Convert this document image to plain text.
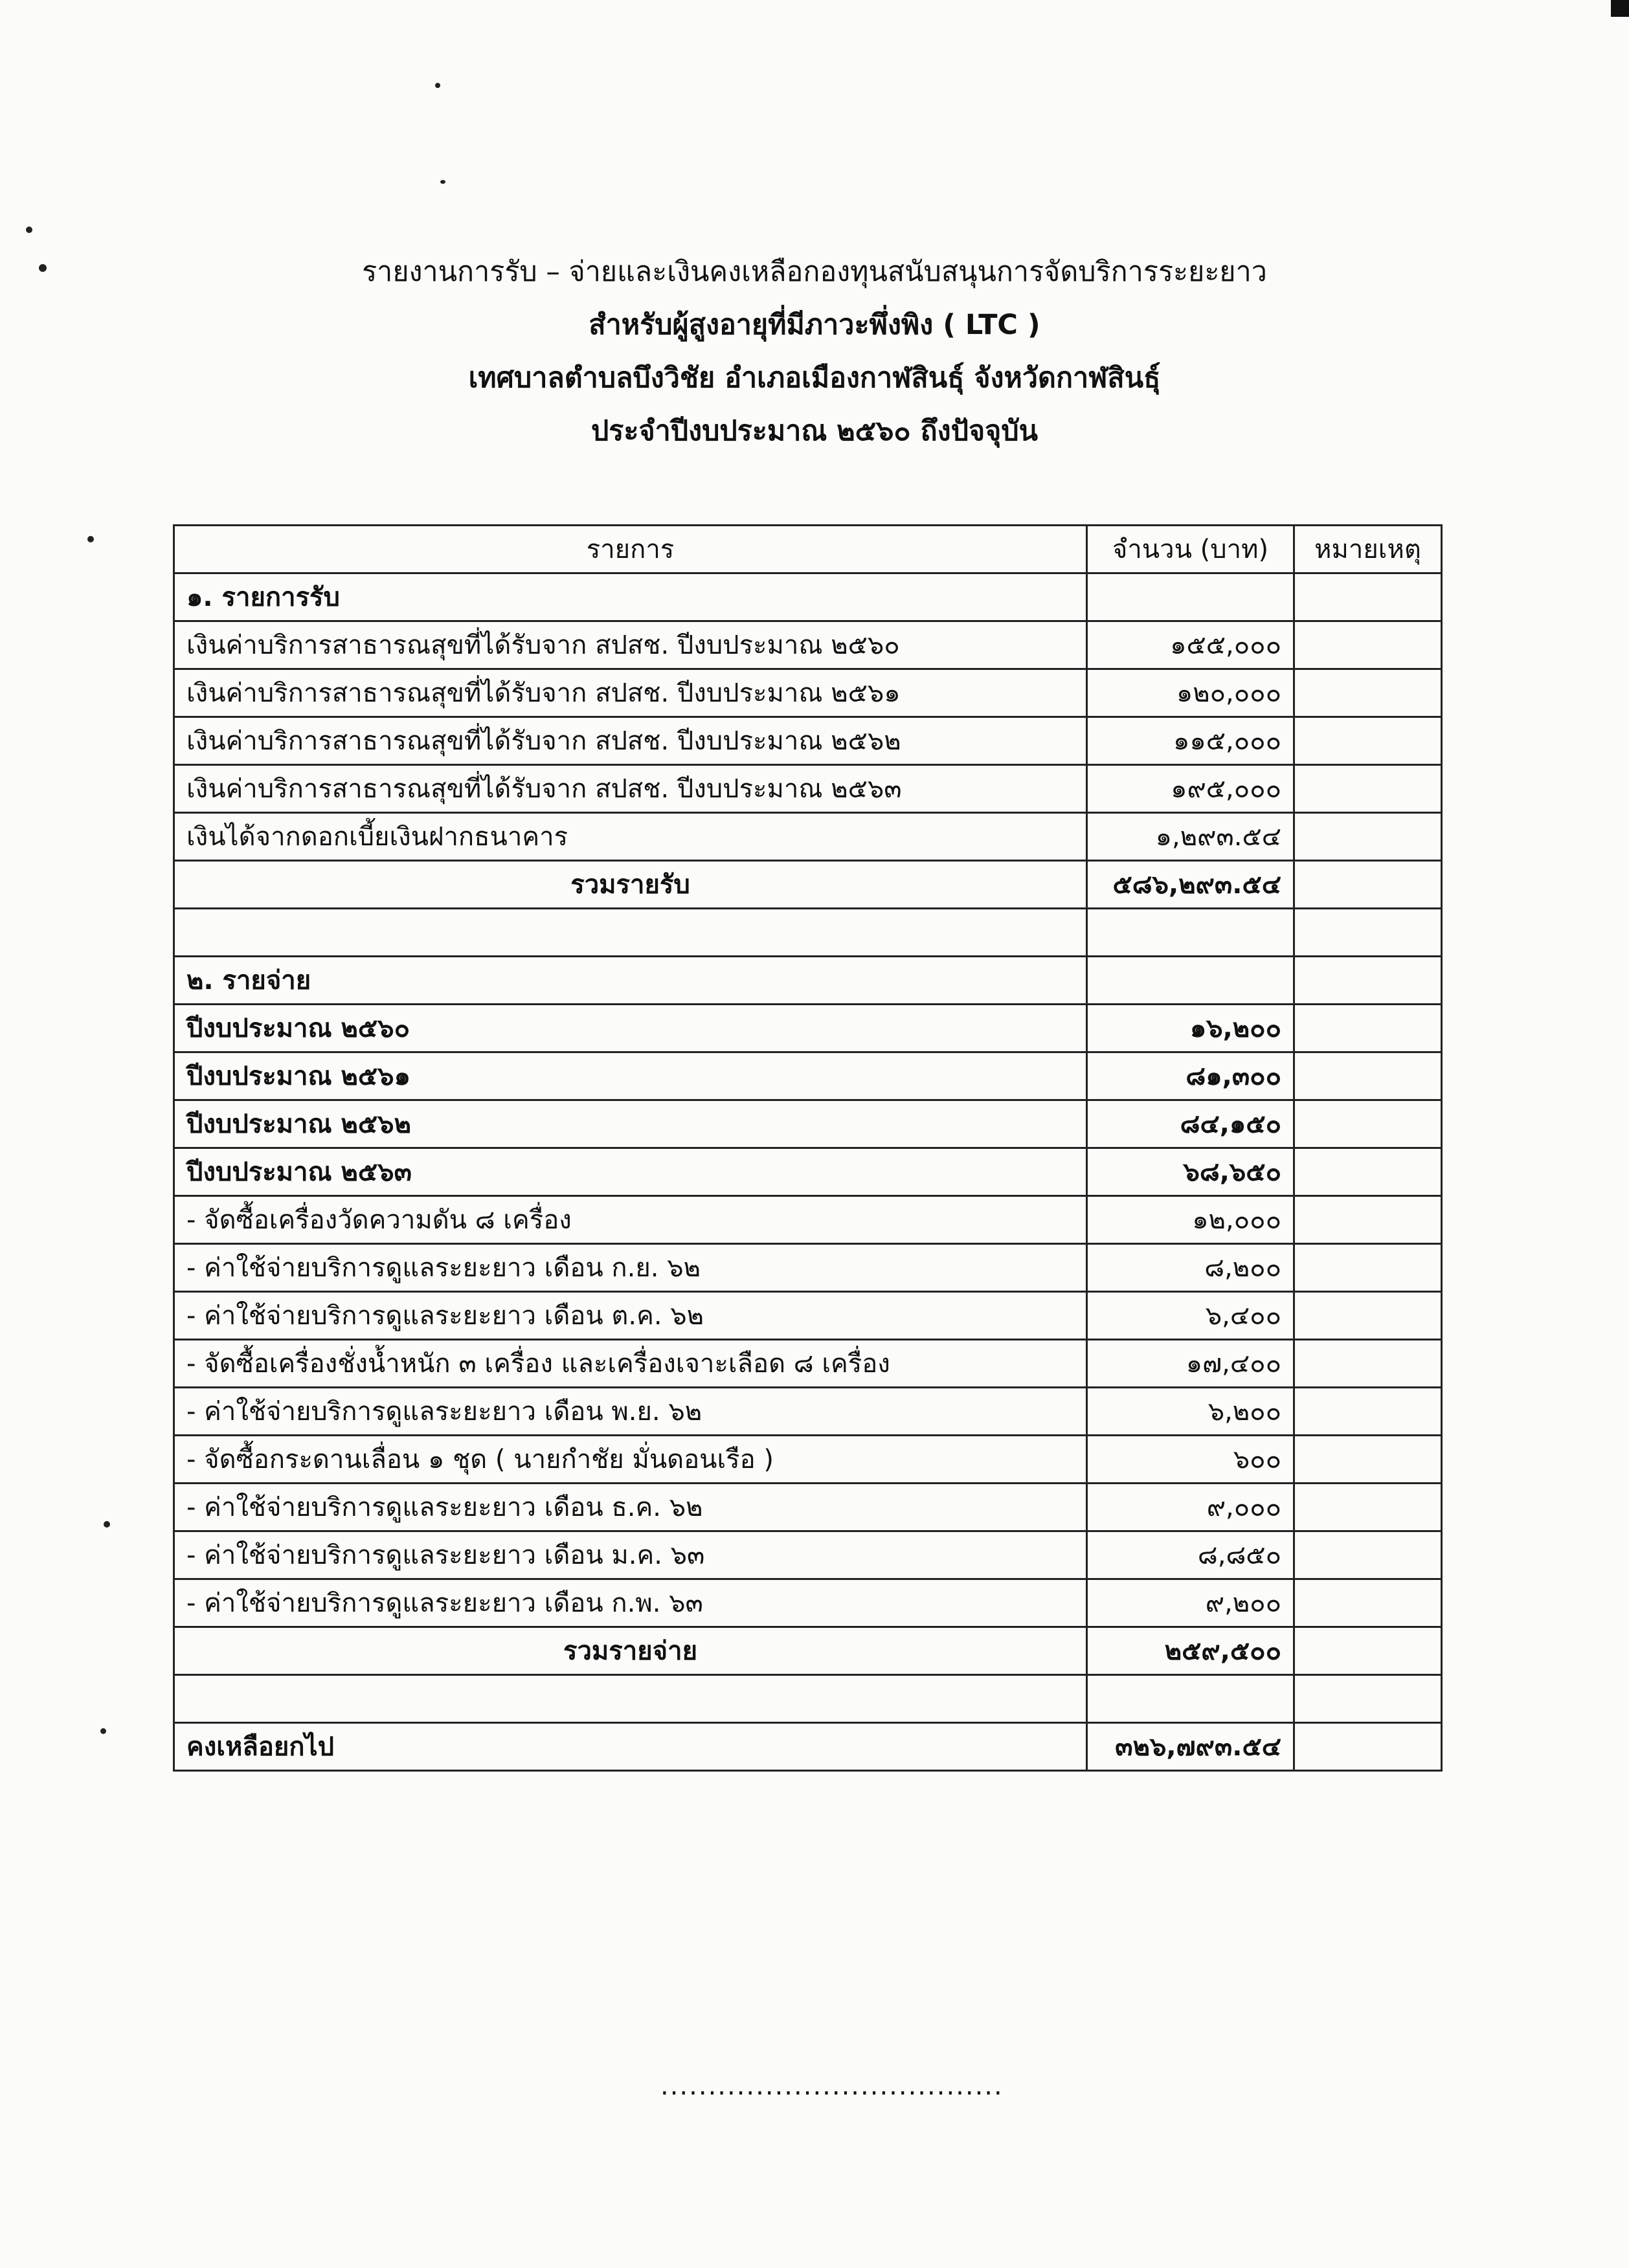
รายงานการรับ – จ่ายและเงินคงเหลือกองทุนสนับสนุนการจัดบริการระยะยาว
สำหรับผู้สูงอายุที่มีภาวะพึ่งพิง ( LTC )
เทศบาลตำบลบึงวิชัย อำเภอเมืองกาฬสินธุ์ จังหวัดกาฬสินธุ์
ประจำปีงบประมาณ ๒๕๖๐ ถึงปัจจุบัน
รายการ	จำนวน (บาท)	หมายเหตุ
๑. รายการรับ		
เงินค่าบริการสาธารณสุขที่ได้รับจาก สปสช. ปีงบประมาณ ๒๕๖๐	๑๕๕,๐๐๐	
เงินค่าบริการสาธารณสุขที่ได้รับจาก สปสช. ปีงบประมาณ ๒๕๖๑	๑๒๐,๐๐๐	
เงินค่าบริการสาธารณสุขที่ได้รับจาก สปสช. ปีงบประมาณ ๒๕๖๒	๑๑๕,๐๐๐	
เงินค่าบริการสาธารณสุขที่ได้รับจาก สปสช. ปีงบประมาณ ๒๕๖๓	๑๙๕,๐๐๐	
เงินได้จากดอกเบี้ยเงินฝากธนาคาร	๑,๒๙๓.๕๔	
รวมรายรับ	๕๘๖,๒๙๓.๕๔	

๒. รายจ่าย		
ปีงบประมาณ ๒๕๖๐	๑๖,๒๐๐	
ปีงบประมาณ ๒๕๖๑	๘๑,๓๐๐	
ปีงบประมาณ ๒๕๖๒	๘๔,๑๕๐	
ปีงบประมาณ ๒๕๖๓	๖๘,๖๕๐	
- จัดซื้อเครื่องวัดความดัน ๘ เครื่อง	๑๒,๐๐๐	
- ค่าใช้จ่ายบริการดูแลระยะยาว เดือน ก.ย. ๖๒	๘,๒๐๐	
- ค่าใช้จ่ายบริการดูแลระยะยาว เดือน ต.ค. ๖๒	๖,๔๐๐	
- จัดซื้อเครื่องชั่งน้ำหนัก ๓ เครื่อง และเครื่องเจาะเลือด ๘ เครื่อง	๑๗,๔๐๐	
- ค่าใช้จ่ายบริการดูแลระยะยาว เดือน พ.ย. ๖๒	๖,๒๐๐	
- จัดซื้อกระดานเลื่อน ๑ ชุด ( นายกำชัย มั่นดอนเรือ )	๖๐๐	
- ค่าใช้จ่ายบริการดูแลระยะยาว เดือน ธ.ค. ๖๒	๙,๐๐๐	
- ค่าใช้จ่ายบริการดูแลระยะยาว เดือน ม.ค. ๖๓	๘,๘๕๐	
- ค่าใช้จ่ายบริการดูแลระยะยาว เดือน ก.พ. ๖๓	๙,๒๐๐	
รวมรายจ่าย	๒๕๙,๕๐๐	

คงเหลือยกไป	๓๒๖,๗๙๓.๕๔	
....................................
